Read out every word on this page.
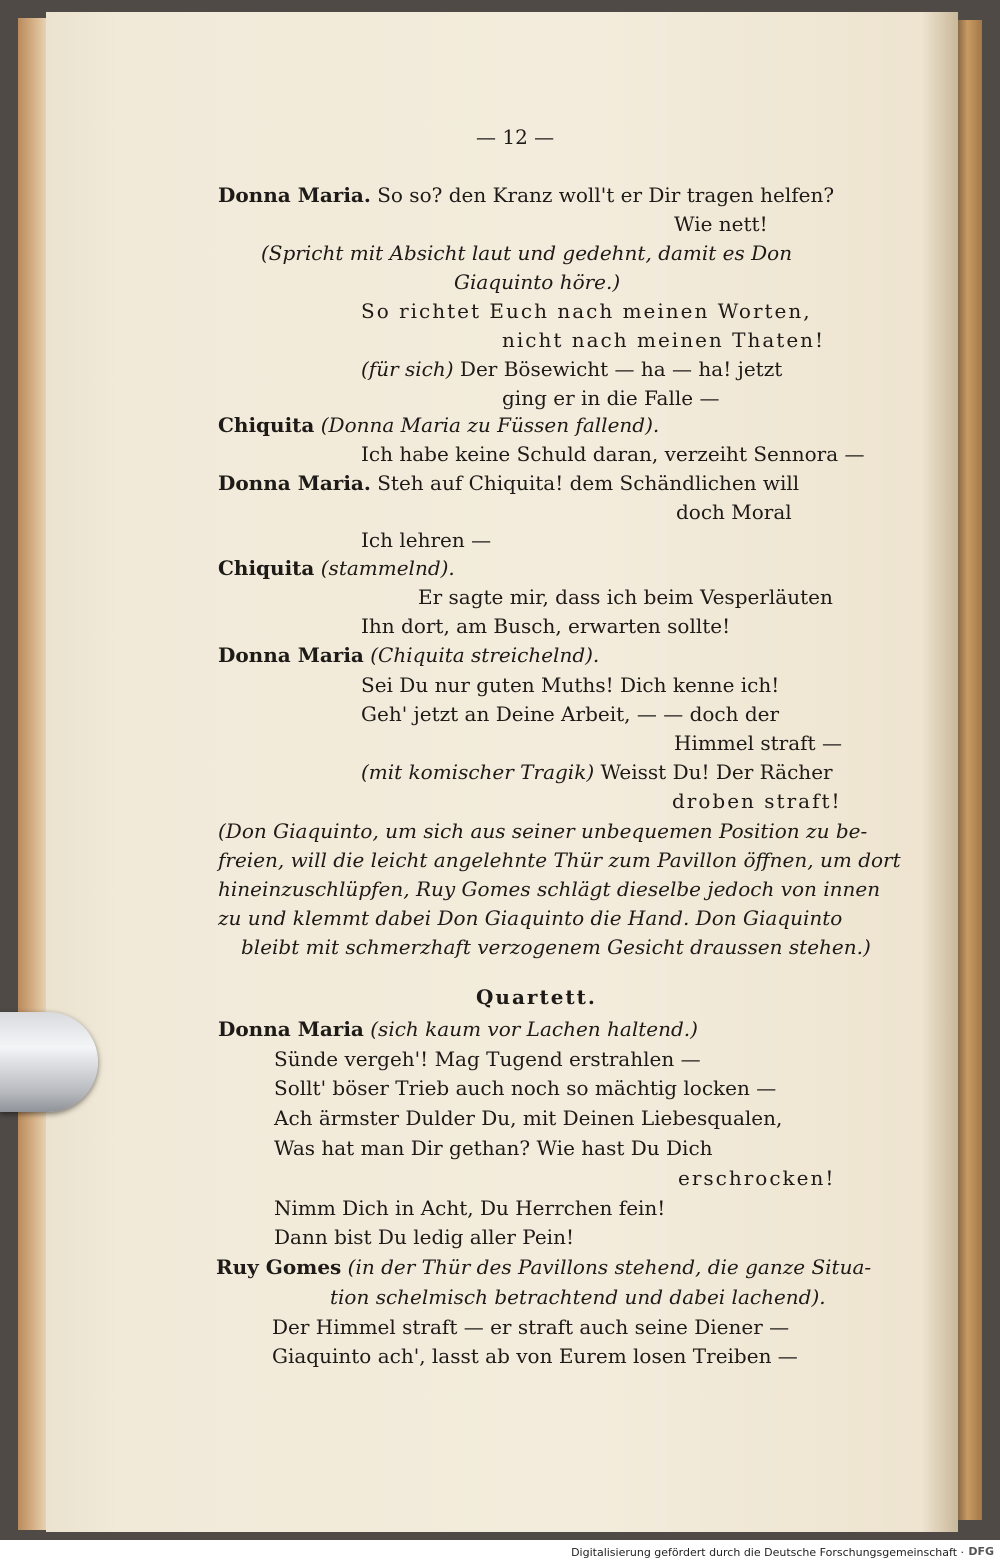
— 12 —

Donna Maria. So so? den Kranz woll't er Dir tragen helfen?

Wie nett!

(Spricht mit Absicht laut und gedehnt, damit es Don

Giaquinto höre.)

So richtet Euch nach meinen Worten,

nicht nach meinen Thaten!

(für sich) Der Bösewicht — ha — ha! jetzt

ging er in die Falle —

Chiquita (Donna Maria zu Füssen fallend).

Ich habe keine Schuld daran, verzeiht Sennora —

Donna Maria. Steh auf Chiquita! dem Schändlichen will

doch Moral

Ich lehren —

Chiquita (stammelnd).

Er sagte mir, dass ich beim Vesperläuten

Ihn dort, am Busch, erwarten sollte!

Donna Maria (Chiquita streichelnd).

Sei Du nur guten Muths! Dich kenne ich!

Geh' jetzt an Deine Arbeit, — — doch der

Himmel straft —

(mit komischer Tragik) Weisst Du! Der Rächer

droben straft!

(Don Giaquinto, um sich aus seiner unbequemen Position zu be-

freien, will die leicht angelehnte Thür zum Pavillon öffnen, um dort

hineinzuschlüpfen, Ruy Gomes schlägt dieselbe jedoch von innen

zu und klemmt dabei Don Giaquinto die Hand. Don Giaquinto

bleibt mit schmerzhaft verzogenem Gesicht draussen stehen.)

Quartett.

Donna Maria (sich kaum vor Lachen haltend.)

Sünde vergeh'! Mag Tugend erstrahlen —

Sollt' böser Trieb auch noch so mächtig locken —

Ach ärmster Dulder Du, mit Deinen Liebesqualen,

Was hat man Dir gethan? Wie hast Du Dich

erschrocken!

Nimm Dich in Acht, Du Herrchen fein!

Dann bist Du ledig aller Pein!

Ruy Gomes (in der Thür des Pavillons stehend, die ganze Situa-

tion schelmisch betrachtend und dabei lachend).

Der Himmel straft — er straft auch seine Diener —

Giaquinto ach', lasst ab von Eurem losen Treiben —

Digitalisierung gefördert durch die Deutsche Forschungsgemeinschaft · DFG
